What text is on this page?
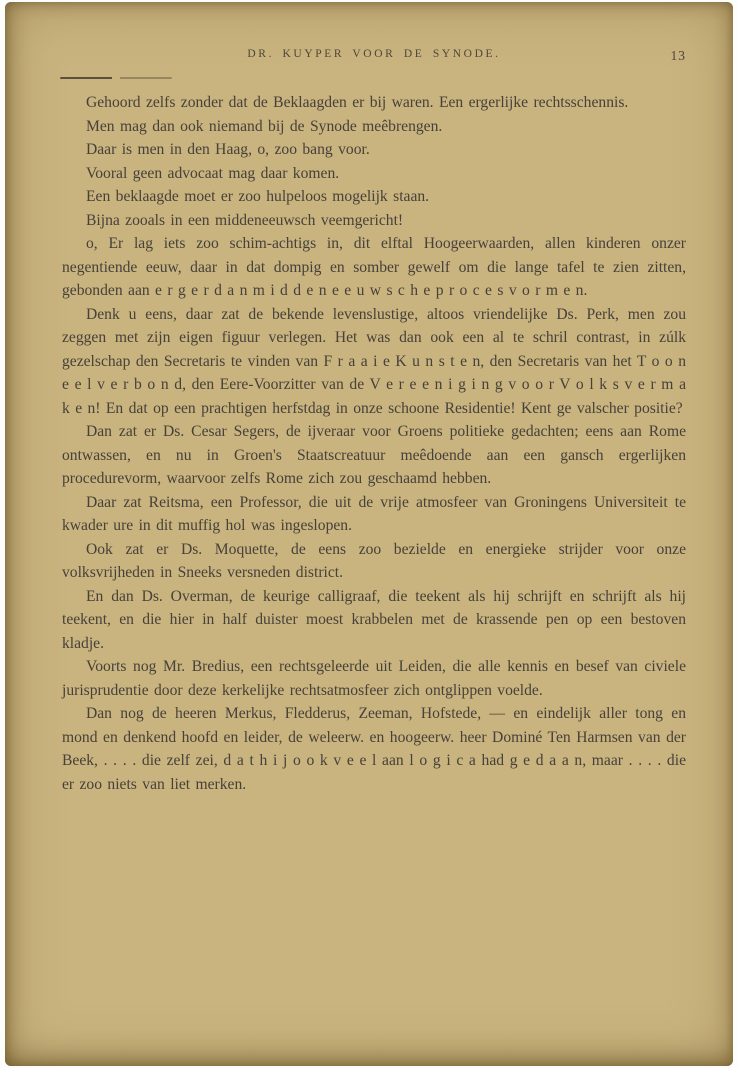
DR. KUYPER VOOR DE SYNODE.	13

Gehoord zelfs zonder dat de Beklaagden er bij waren. Een ergerlijke rechtsschennis.

Men mag dan ook niemand bij de Synode meêbrengen.

Daar is men in den Haag, o, zoo bang voor.

Vooral geen advocaat mag daar komen.

Een beklaagde moet er zoo hulpeloos mogelijk staan.

Bijna zooals in een middeneeuwsch veemgericht!

o, Er lag iets zoo schim-achtigs in, dit elftal Hoogeerwaarden, allen kinderen onzer negentiende eeuw, daar in dat dompig en somber gewelf om die lange tafel te zien zitten, gebonden aan e r g e r d a n m i d d e n e e u w s c h e p r o c e s v o r m e n.

Denk u eens, daar zat de bekende levenslustige, altoos vriendelijke Ds. Perk, men zou zeggen met zijn eigen figuur verlegen. Het was dan ook een al te schril contrast, in zúlk gezelschap den Secretaris te vinden van F r a a i e K u n s t e n, den Secretaris van het T o o n e e l v e r b o n d, den Eere-Voorzitter van de V e r e e n i g i n g v o o r V o l k s v e r m a k e n! En dat op een prachtigen herfstdag in onze schoone Residentie! Kent ge valscher positie?

Dan zat er Ds. Cesar Segers, de ijveraar voor Groens politieke gedachten; eens aan Rome ontwassen, en nu in Groen's Staatscreatuur meêdoende aan een gansch ergerlijken procedurevorm, waarvoor zelfs Rome zich zou geschaamd hebben.

Daar zat Reitsma, een Professor, die uit de vrije atmosfeer van Groningens Universiteit te kwader ure in dit muffig hol was ingeslopen.

Ook zat er Ds. Moquette, de eens zoo bezielde en energieke strijder voor onze volksvrijheden in Sneeks versneden district.

En dan Ds. Overman, de keurige calligraaf, die teekent als hij schrijft en schrijft als hij teekent, en die hier in half duister moest krabbelen met de krassende pen op een bestoven kladje.

Voorts nog Mr. Bredius, een rechtsgeleerde uit Leiden, die alle kennis en besef van civiele jurisprudentie door deze kerkelijke rechtsatmosfeer zich ontglippen voelde.

Dan nog de heeren Merkus, Fledderus, Zeeman, Hofstede, — en eindelijk aller tong en mond en denkend hoofd en leider, de weleerw. en hoogeerw. heer Dominé Ten Harmsen van der Beek, . . . . die zelf zei, d a t h i j o o k v e e l aan l o g i c a had g e d a a n, maar . . . . die er zoo niets van liet merken.
